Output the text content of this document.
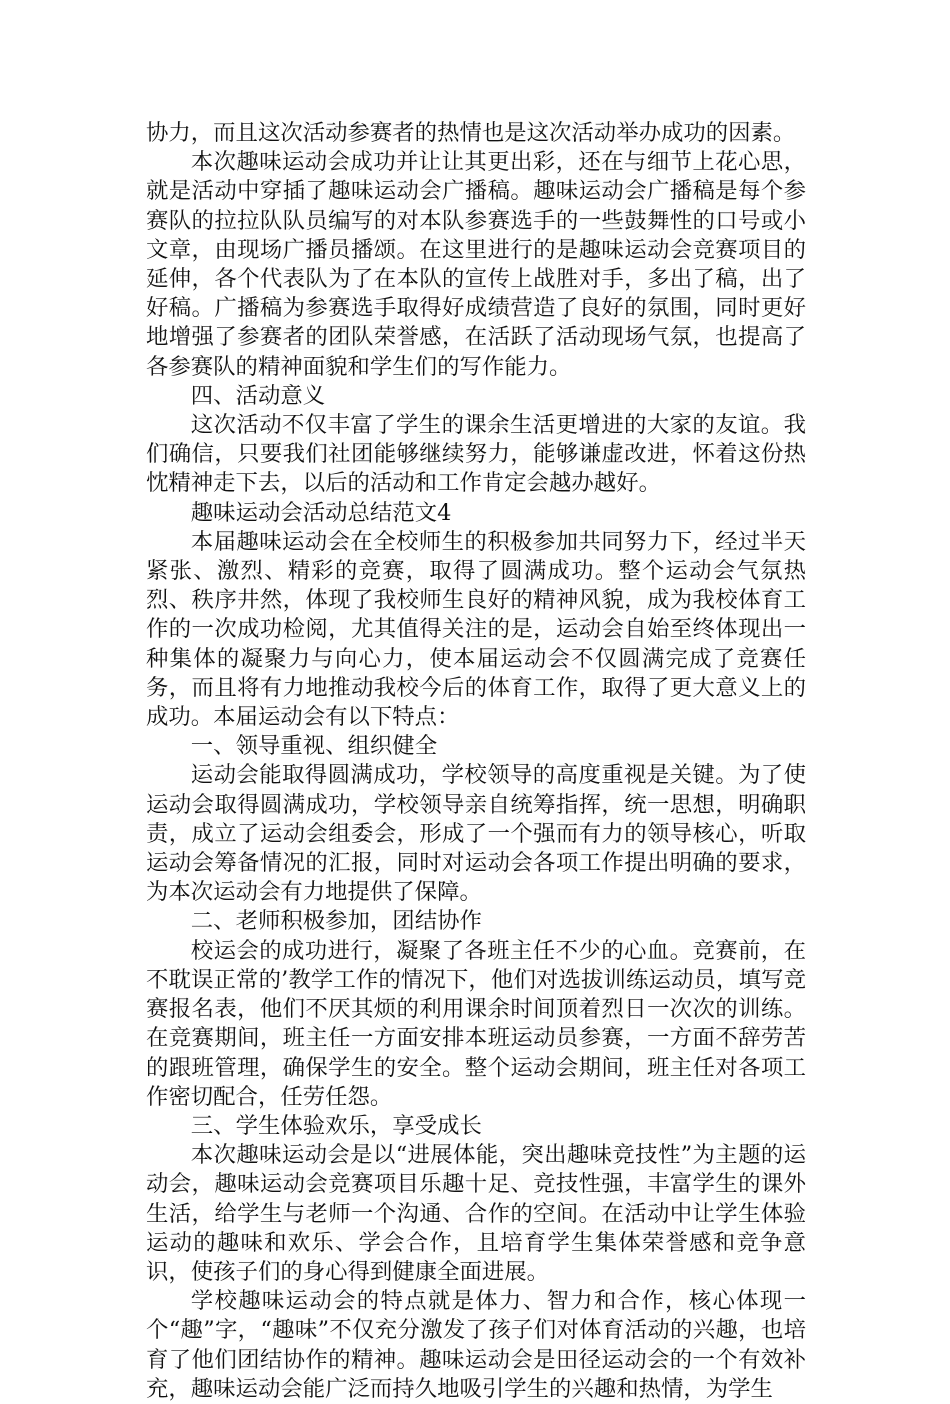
协力，而且这次活动参赛者的热情也是这次活动举办成功的因素。

本次趣味运动会成功并让让其更出彩，还在与细节上花心思，就是活动中穿插了趣味运动会广播稿。趣味运动会广播稿是每个参赛队的拉拉队队员编写的对本队参赛选手的一些鼓舞性的口号或小文章，由现场广播员播颂。在这里进行的是趣味运动会竞赛项目的延伸，各个代表队为了在本队的宣传上战胜对手，多出了稿，出了好稿。广播稿为参赛选手取得好成绩营造了良好的氛围，同时更好地增强了参赛者的团队荣誉感，在活跃了活动现场气氛，也提高了各参赛队的精神面貌和学生们的写作能力。

四、活动意义

这次活动不仅丰富了学生的课余生活更增进的大家的友谊。我们确信，只要我们社团能够继续努力，能够谦虚改进，怀着这份热忱精神走下去，以后的活动和工作肯定会越办越好。

趣味运动会活动总结范文4

本届趣味运动会在全校师生的积极参加共同努力下，经过半天紧张、激烈、精彩的竞赛，取得了圆满成功。整个运动会气氛热烈、秩序井然，体现了我校师生良好的精神风貌，成为我校体育工作的一次成功检阅，尤其值得关注的是，运动会自始至终体现出一种集体的凝聚力与向心力，使本届运动会不仅圆满完成了竞赛任务，而且将有力地推动我校今后的体育工作，取得了更大意义上的成功。本届运动会有以下特点：

一、领导重视、组织健全

运动会能取得圆满成功，学校领导的高度重视是关键。为了使运动会取得圆满成功，学校领导亲自统筹指挥，统一思想，明确职责，成立了运动会组委会，形成了一个强而有力的领导核心，听取运动会筹备情况的汇报，同时对运动会各项工作提出明确的要求，为本次运动会有力地提供了保障。

二、老师积极参加，团结协作

校运会的成功进行，凝聚了各班主任不少的心血。竞赛前，在不耽误正常的’教学工作的情况下，他们对选拔训练运动员，填写竞赛报名表，他们不厌其烦的利用课余时间顶着烈日一次次的训练。在竞赛期间，班主任一方面安排本班运动员参赛，一方面不辞劳苦的跟班管理，确保学生的安全。整个运动会期间，班主任对各项工作密切配合，任劳任怨。

三、学生体验欢乐，享受成长

本次趣味运动会是以“进展体能，突出趣味竞技性”为主题的运动会，趣味运动会竞赛项目乐趣十足、竞技性强，丰富学生的课外生活，给学生与老师一个沟通、合作的空间。在活动中让学生体验运动的趣味和欢乐、学会合作，且培育学生集体荣誉感和竞争意识，使孩子们的身心得到健康全面进展。

学校趣味运动会的特点就是体力、智力和合作，核心体现一个“趣”字，“趣味”不仅充分激发了孩子们对体育活动的兴趣，也培育了他们团结协作的精神。趣味运动会是田径运动会的一个有效补充，趣味运动会能广泛而持久地吸引学生的兴趣和热情，为学生
